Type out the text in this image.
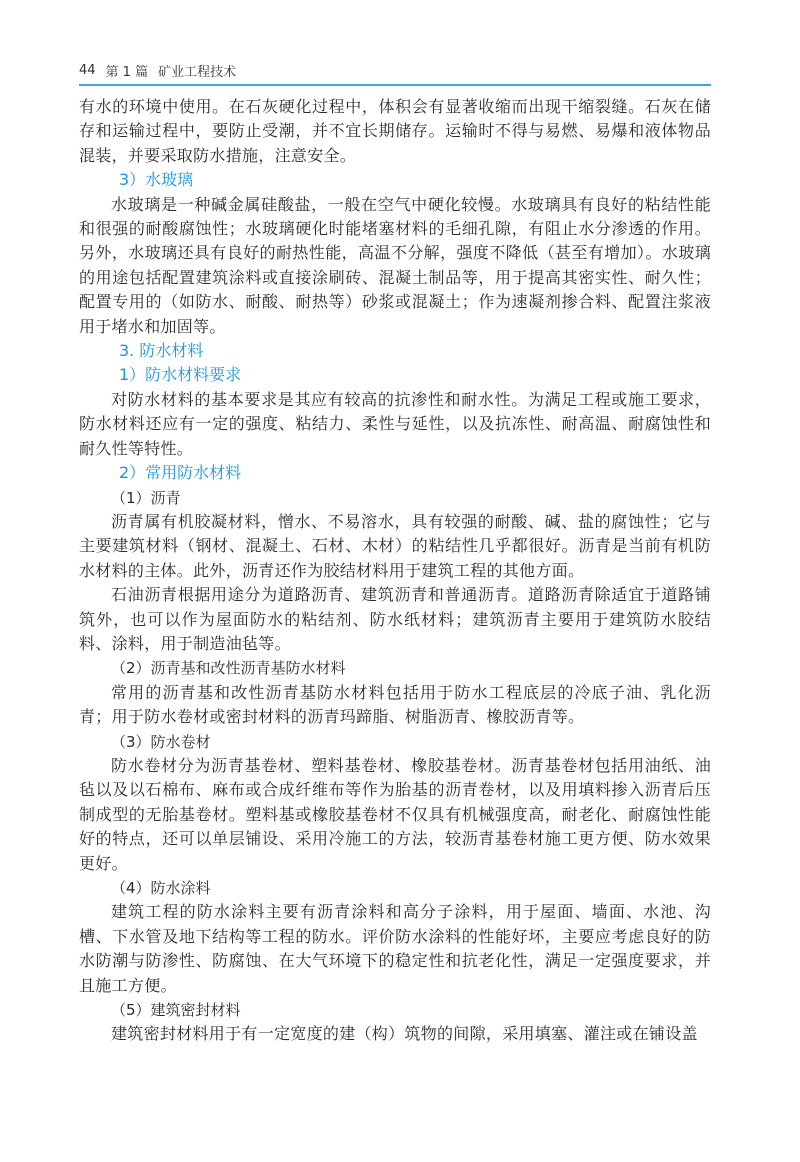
44 第 1 篇 矿业工程技术

有水的环境中使用。在石灰硬化过程中，体积会有显著收缩而出现干缩裂缝。石灰在储存和运输过程中，要防止受潮，并不宜长期储存。运输时不得与易燃、易爆和液体物品混装，并要采取防水措施，注意安全。

3）水玻璃

水玻璃是一种碱金属硅酸盐，一般在空气中硬化较慢。水玻璃具有良好的粘结性能和很强的耐酸腐蚀性；水玻璃硬化时能堵塞材料的毛细孔隙，有阻止水分渗透的作用。另外，水玻璃还具有良好的耐热性能，高温不分解，强度不降低（甚至有增加）。水玻璃的用途包括配置建筑涂料或直接涂刷砖、混凝土制品等，用于提高其密实性、耐久性；配置专用的（如防水、耐酸、耐热等）砂浆或混凝土；作为速凝剂掺合料、配置注浆液用于堵水和加固等。

3. 防水材料

1）防水材料要求

对防水材料的基本要求是其应有较高的抗渗性和耐水性。为满足工程或施工要求，防水材料还应有一定的强度、粘结力、柔性与延性，以及抗冻性、耐高温、耐腐蚀性和耐久性等特性。

2）常用防水材料

（1）沥青

沥青属有机胶凝材料，憎水、不易溶水，具有较强的耐酸、碱、盐的腐蚀性；它与主要建筑材料（钢材、混凝土、石材、木材）的粘结性几乎都很好。沥青是当前有机防水材料的主体。此外，沥青还作为胶结材料用于建筑工程的其他方面。

石油沥青根据用途分为道路沥青、建筑沥青和普通沥青。道路沥青除适宜于道路铺筑外，也可以作为屋面防水的粘结剂、防水纸材料；建筑沥青主要用于建筑防水胶结料、涂料，用于制造油毡等。

（2）沥青基和改性沥青基防水材料

常用的沥青基和改性沥青基防水材料包括用于防水工程底层的冷底子油、乳化沥青；用于防水卷材或密封材料的沥青玛蹄脂、树脂沥青、橡胶沥青等。

（3）防水卷材

防水卷材分为沥青基卷材、塑料基卷材、橡胶基卷材。沥青基卷材包括用油纸、油毡以及以石棉布、麻布或合成纤维布等作为胎基的沥青卷材，以及用填料掺入沥青后压制成型的无胎基卷材。塑料基或橡胶基卷材不仅具有机械强度高，耐老化、耐腐蚀性能好的特点，还可以单层铺设、采用冷施工的方法，较沥青基卷材施工更方便、防水效果更好。

（4）防水涂料

建筑工程的防水涂料主要有沥青涂料和高分子涂料，用于屋面、墙面、水池、沟槽、下水管及地下结构等工程的防水。评价防水涂料的性能好坏，主要应考虑良好的防水防潮与防渗性、防腐蚀、在大气环境下的稳定性和抗老化性，满足一定强度要求，并且施工方便。

（5）建筑密封材料

建筑密封材料用于有一定宽度的建（构）筑物的间隙，采用填塞、灌注或在铺设盖
